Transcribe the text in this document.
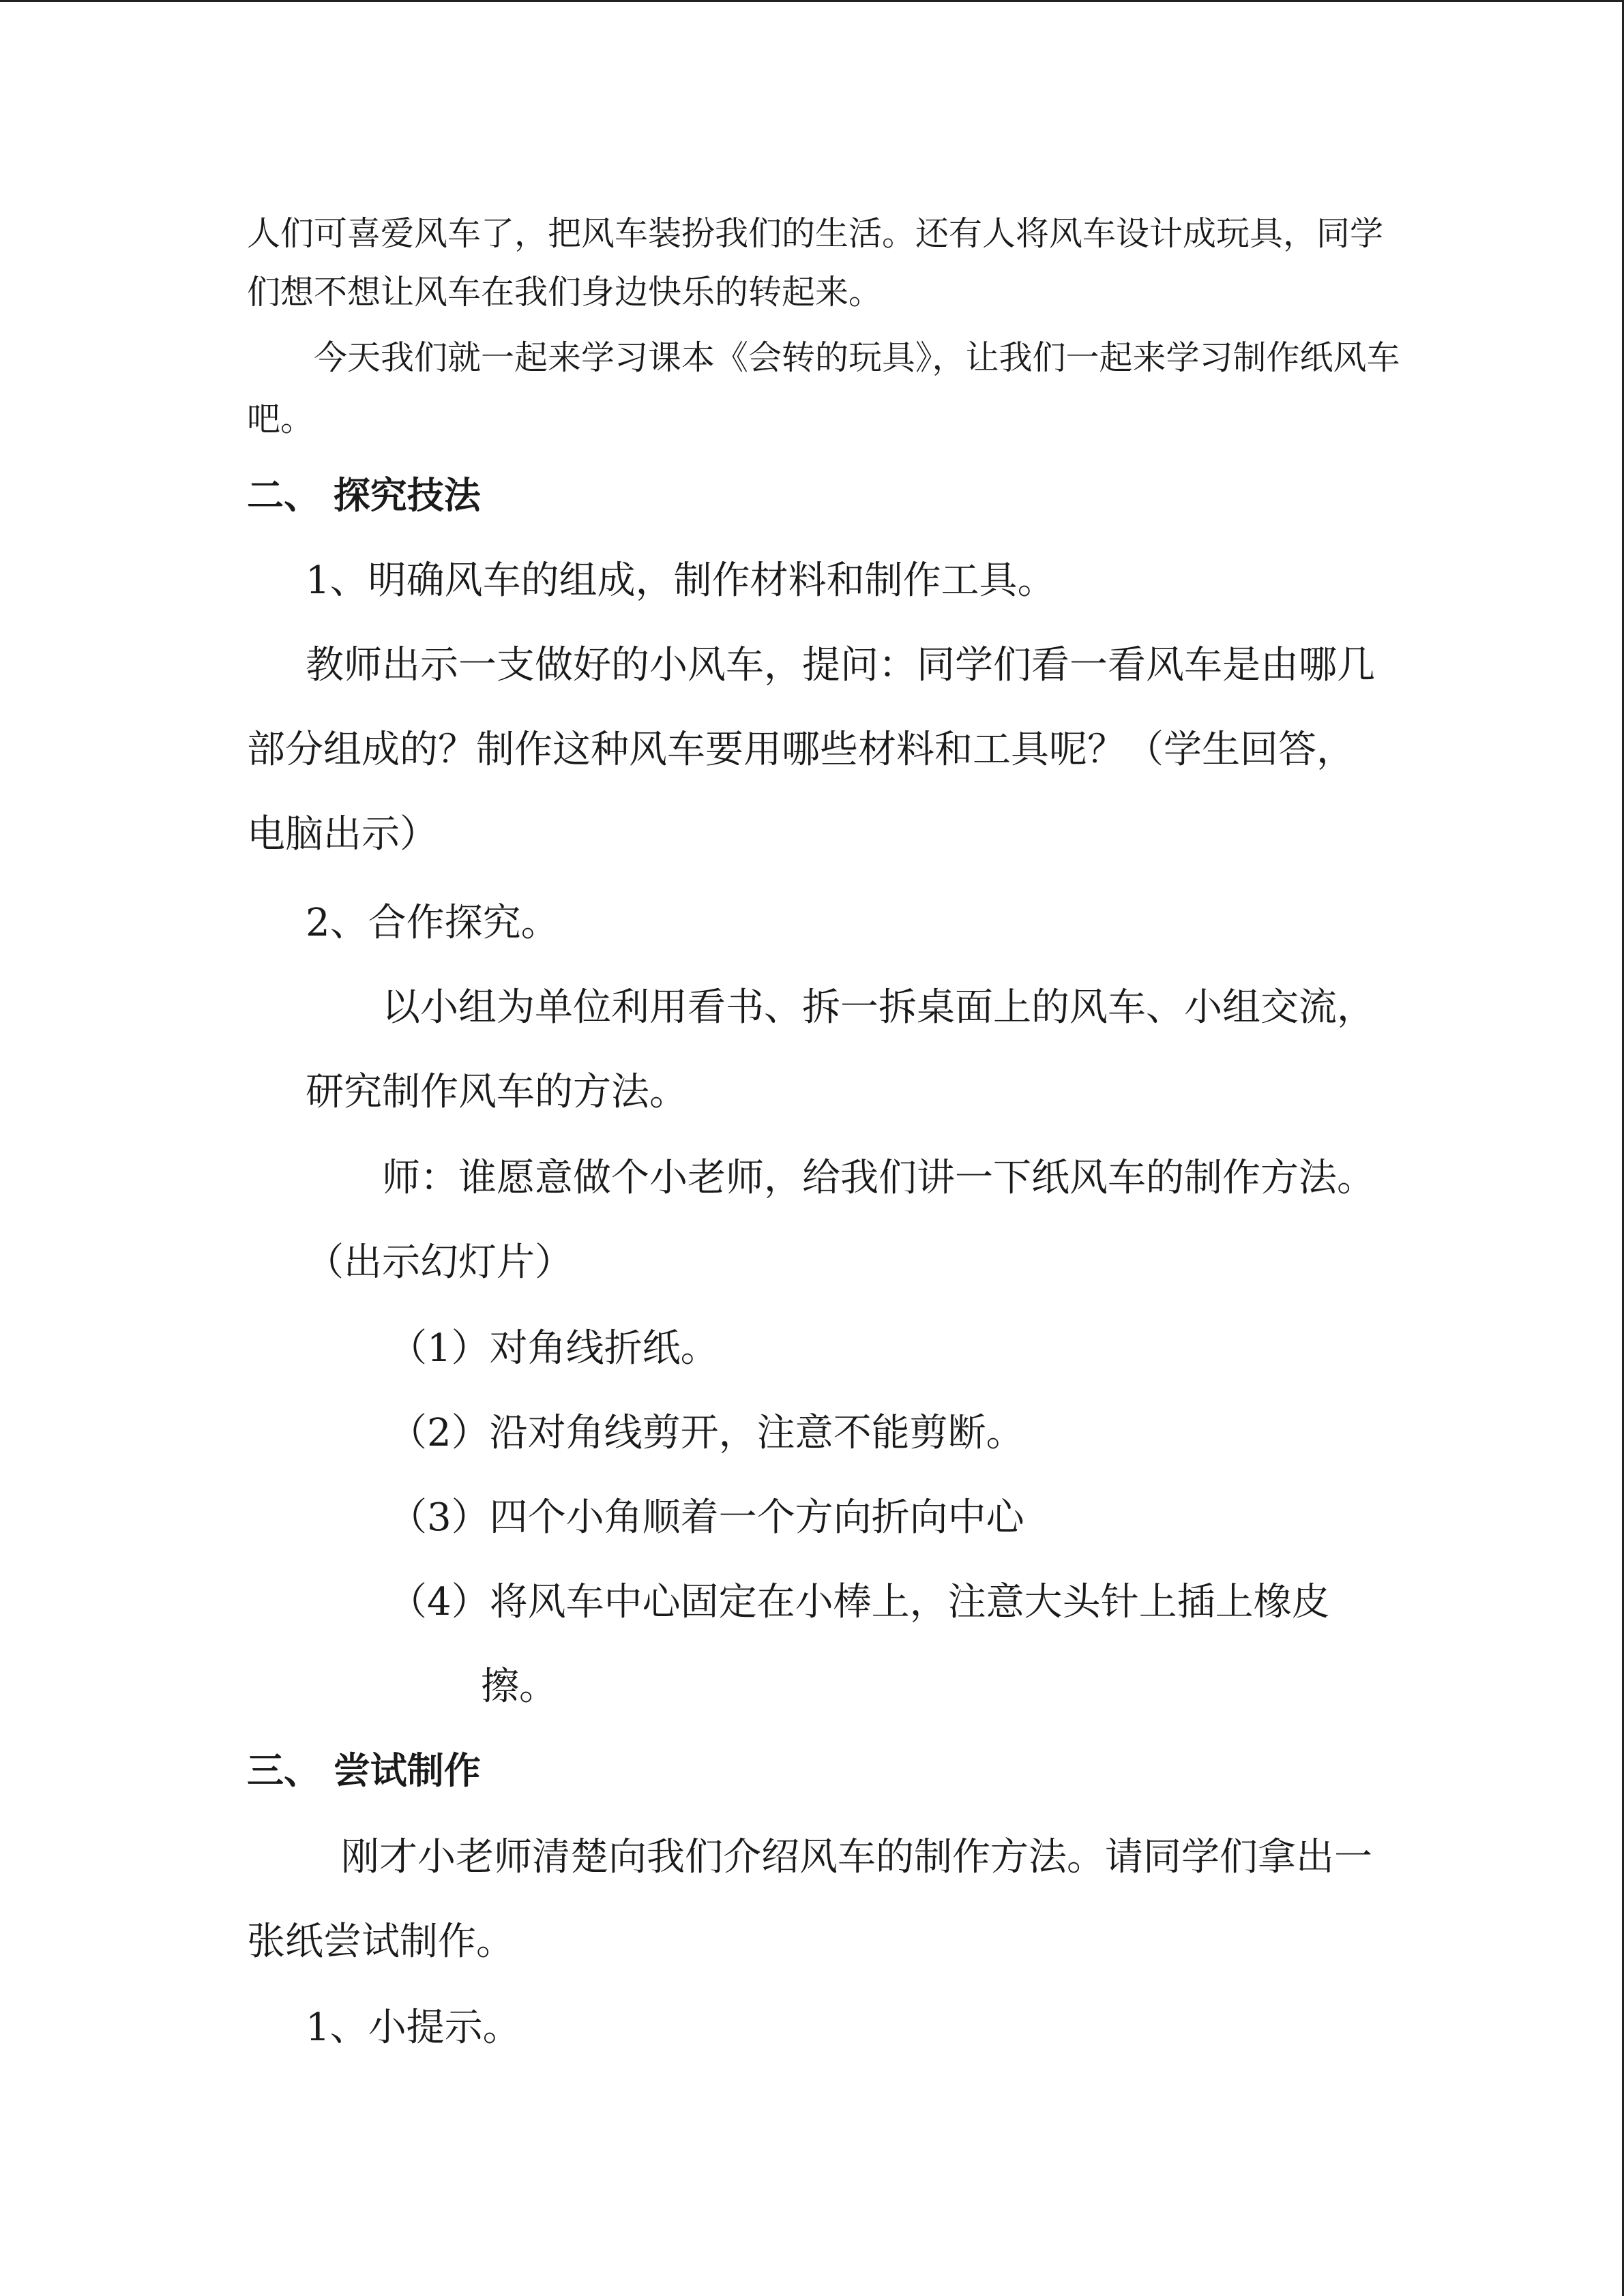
人们可喜爱风车了，把风车装扮我们的生活。还有人将风车设计成玩具，同学
们想不想让风车在我们身边快乐的转起来。
今天我们就一起来学习课本《会转的玩具》，让我们一起来学习制作纸风车
吧。
二、 探究技法
1、明确风车的组成，制作材料和制作工具。
教师出示一支做好的小风车，提问：同学们看一看风车是由哪几
部分组成的？制作这种风车要用哪些材料和工具呢？（学生回答，
电脑出示）
2、合作探究。
以小组为单位利用看书、拆一拆桌面上的风车、小组交流，
研究制作风车的方法。
师：谁愿意做个小老师，给我们讲一下纸风车的制作方法。
（出示幻灯片）
（1）对角线折纸。
（2）沿对角线剪开，注意不能剪断。
（3）四个小角顺着一个方向折向中心
（4）将风车中心固定在小棒上，注意大头针上插上橡皮
擦。
三、 尝试制作
刚才小老师清楚向我们介绍风车的制作方法。请同学们拿出一
张纸尝试制作。
1、小提示。
